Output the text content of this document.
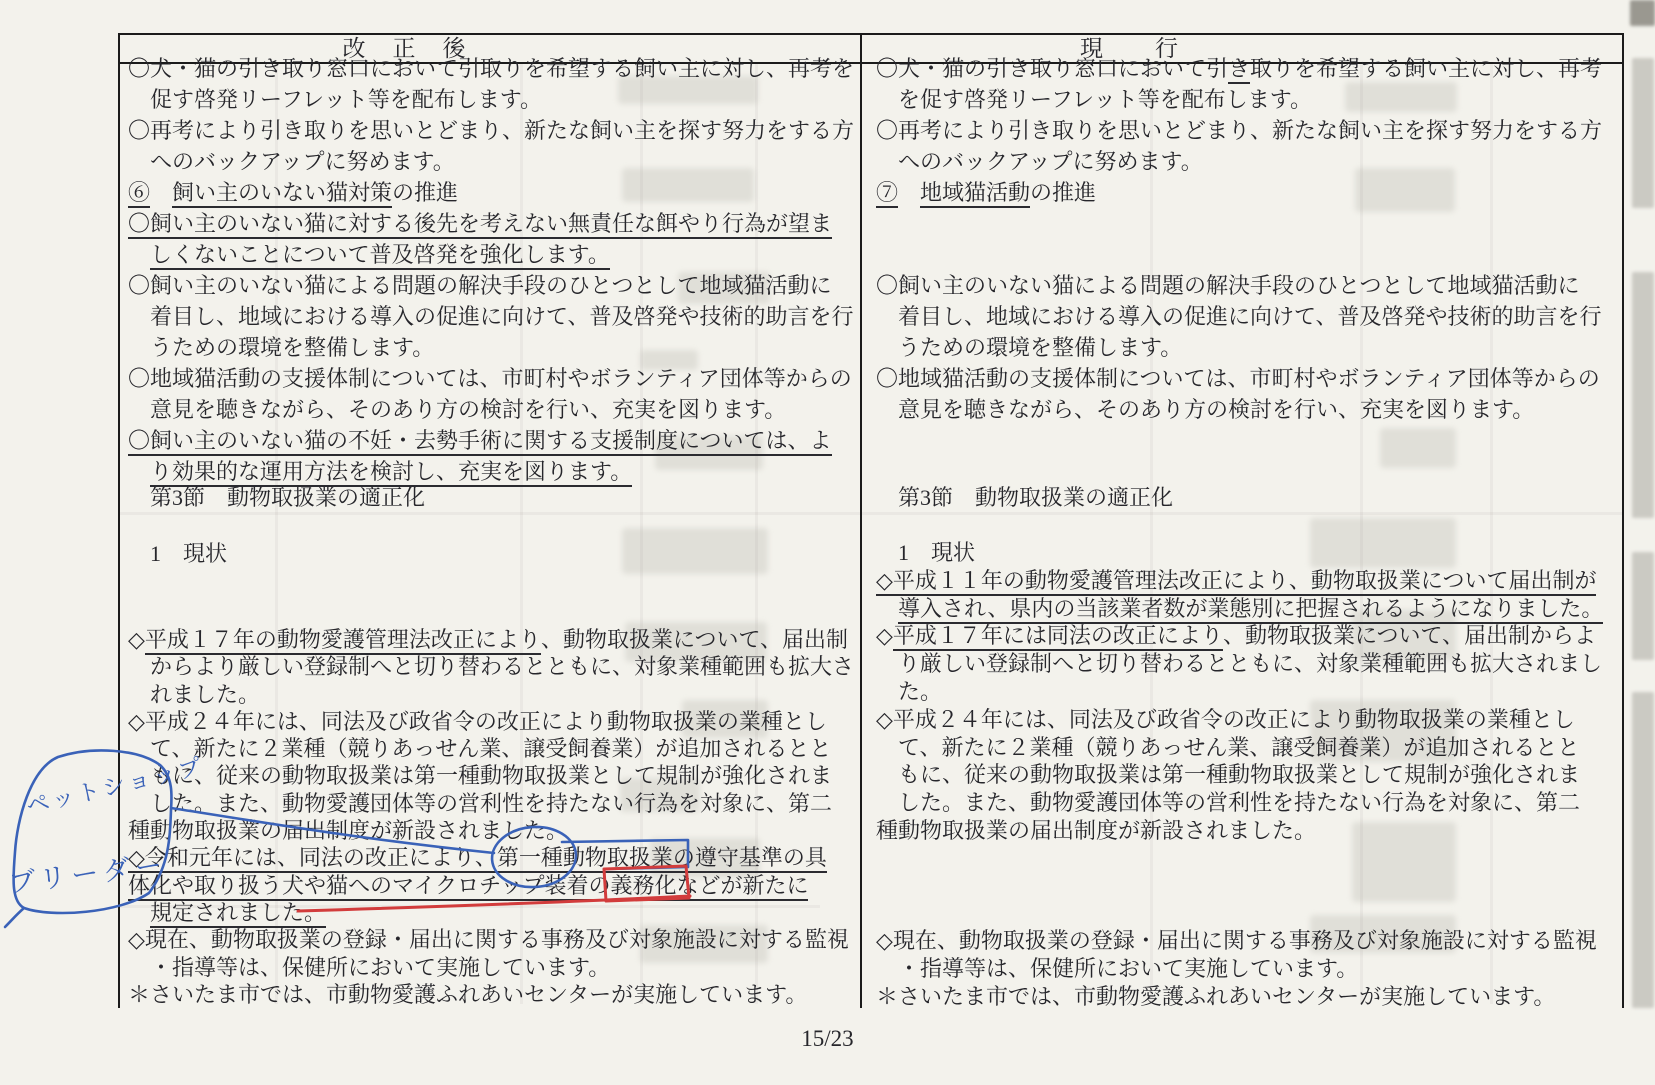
改　正　後	現　　行
〇犬・猫の引き取り窓口において引取りを希望する飼い主に対し、再考を
　促す啓発リーフレット等を配布します。
〇再考により引き取りを思いとどまり、新たな飼い主を探す努力をする方
　へのバックアップに努めます。
⑥　 飼い主のいない猫対策の推進
〇飼い主のいない猫に対する後先を考えない無責任な餌やり行為が望ま
　しくないことについて普及啓発を強化します。
〇飼い主のいない猫による問題の解決手段のひとつとして地域猫活動に
　着目し、地域における導入の促進に向けて、普及啓発や技術的助言を行
　うための環境を整備します。
〇地域猫活動の支援体制については、市町村やボランティア団体等からの
　意見を聴きながら、そのあり方の検討を行い、充実を図ります。
〇飼い主のいない猫の不妊・去勢手術に関する支援制度については、よ
　り効果的な運用方法を検討し、充実を図ります。
　第3節　動物取扱業の適正化
　1　現状
◇平成１７年の動物愛護管理法改正により、動物取扱業について、届出制
　からより厳しい登録制へと切り替わるとともに、対象業種範囲も拡大さ
　れました。
◇平成２４年には、同法及び政省令の改正により動物取扱業の業種とし
　て、新たに２業種（競りあっせん業、譲受飼養業）が追加されるとと
　もに、従来の動物取扱業は第一種動物取扱業として規制が強化されま
　した。また、動物愛護団体等の営利性を持たない行為を対象に、第二
種動物取扱業の届出制度が新設されました。
◇令和元年には、同法の改正により、第一種動物取扱業の遵守基準の具
体化や取り扱う犬や猫へのマイクロチップ装着の義務化などが新たに
　規定されました。
◇現在、動物取扱業の登録・届出に関する事務及び対象施設に対する監視
　・指導等は、保健所において実施しています。
＊さいたま市では、市動物愛護ふれあいセンターが実施しています。
〇犬・猫の引き取り窓口において引き取りを希望する飼い主に対し、再考
　を促す啓発リーフレット等を配布します。
〇再考により引き取りを思いとどまり、新たな飼い主を探す努力をする方
　へのバックアップに努めます。
⑦　 地域猫活動の推進
〇飼い主のいない猫による問題の解決手段のひとつとして地域猫活動に
　着目し、地域における導入の促進に向けて、普及啓発や技術的助言を行
　うための環境を整備します。
〇地域猫活動の支援体制については、市町村やボランティア団体等からの
　意見を聴きながら、そのあり方の検討を行い、充実を図ります。
　第3節　動物取扱業の適正化
　1　現状
◇平成１１年の動物愛護管理法改正により、動物取扱業について届出制が
　導入され、県内の当該業者数が業態別に把握されるようになりました。
◇平成１７年には同法の改正により、動物取扱業について、届出制からよ
　り厳しい登録制へと切り替わるとともに、対象業種範囲も拡大されまし
　た。
◇平成２４年には、同法及び政省令の改正により動物取扱業の業種とし
　て、新たに２業種（競りあっせん業、譲受飼養業）が追加されるとと
　もに、従来の動物取扱業は第一種動物取扱業として規制が強化されま
　した。また、動物愛護団体等の営利性を持たない行為を対象に、第二
種動物取扱業の届出制度が新設されました。
◇現在、動物取扱業の登録・届出に関する事務及び対象施設に対する監視
　・指導等は、保健所において実施しています。
＊さいたま市では、市動物愛護ふれあいセンターが実施しています。
ペットショップ
ブリーダー
15/23
